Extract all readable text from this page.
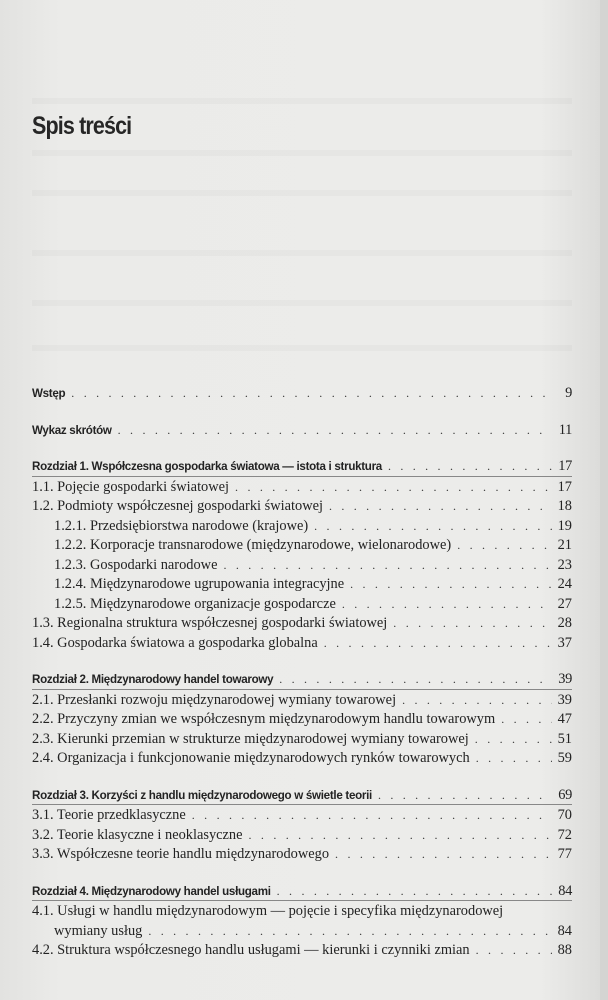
Spis treści
Wstęp . . .	9
Wykaz skrótów . . .	11
Rozdział 1. Współczesna gospodarka światowa — istota i struktura . . .	17
1.1. Pojęcie gospodarki światowej . . .	17
1.2. Podmioty współczesnej gospodarki światowej . . .	18
1.2.1. Przedsiębiorstwa narodowe (krajowe) . . .	19
1.2.2. Korporacje transnarodowe (międzynarodowe, wielonarodowe) . . .	21
1.2.3. Gospodarki narodowe . . .	23
1.2.4. Międzynarodowe ugrupowania integracyjne . . .	24
1.2.5. Międzynarodowe organizacje gospodarcze . . .	27
1.3. Regionalna struktura współczesnej gospodarki światowej . . .	28
1.4. Gospodarka światowa a gospodarka globalna . . .	37
Rozdział 2. Międzynarodowy handel towarowy . . .	39
2.1. Przesłanki rozwoju międzynarodowej wymiany towarowej . . .	39
2.2. Przyczyny zmian we współczesnym międzynarodowym handlu towarowym . . .	47
2.3. Kierunki przemian w strukturze międzynarodowej wymiany towarowej . . .	51
2.4. Organizacja i funkcjonowanie międzynarodowych rynków towarowych . . .	59
Rozdział 3. Korzyści z handlu międzynarodowego w świetle teorii . . .	69
3.1. Teorie przedklasyczne . . .	70
3.2. Teorie klasyczne i neoklasyczne . . .	72
3.3. Współczesne teorie handlu międzynarodowego . . .	77
Rozdział 4. Międzynarodowy handel usługami . . .	84
4.1. Usługi w handlu międzynarodowym — pojęcie i specyfika międzynarodowej
wymiany usług . . .	84
4.2. Struktura współczesnego handlu usługami — kierunki i czynniki zmian . . .	88
